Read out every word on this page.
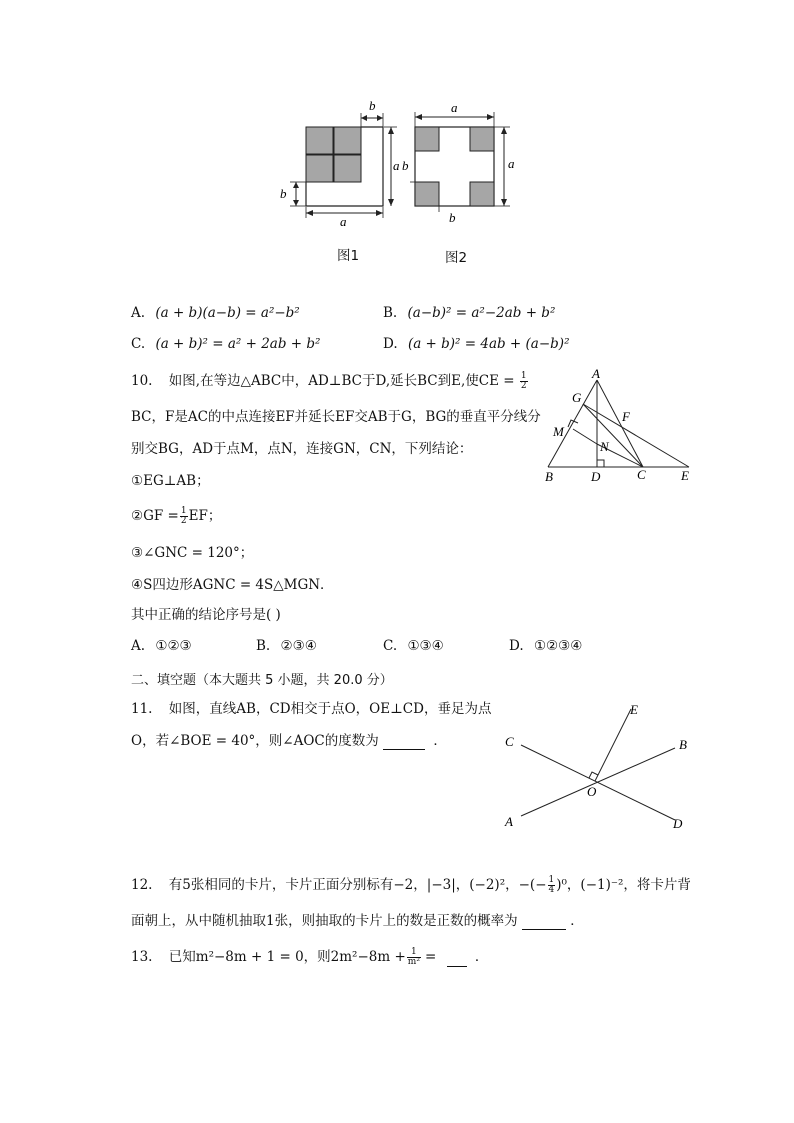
b
a
b
a
a
a
b
b
图1	图2
A. (a + b)(a−b) = a²−b²	B. (a−b)² = a²−2ab + b²
C. (a + b)² = a² + 2ab + b²	D. (a + b)² = 4ab + (a−b)²
10. 如图,在等边△ABC中，AD⊥BC于D,延长BC到E,使CE = $\frac{1}{2}$
BC，F是AC的中点连接EF并延长EF交AB于G，BG的垂直平分线分
别交BG，AD于点M，点N，连接GN，CN，下列结论：
①EG⊥AB；
②GF = $\frac{1}{2}$ EF；
③∠GNC = 120°；
④S四边形AGNC = 4S△MGN．
其中正确的结论序号是( )
A. ①②③	B. ②③④	C. ①③④	D. ①②③④
A
G
F
M
N
B	D	C	E
二、填空题（本大题共 5 小题，共 20.0 分）
11. 如图，直线AB，CD相交于点O，OE⊥CD，垂足为点
O，若∠BOE = 40°，则∠AOC的度数为	．
E
C	B
O
A	D
12. 有5张相同的卡片，卡片正面分别标有−2，|−3|，(−2)²，−(− $\frac{1}{4} )^0$，(−1)⁻²，将卡片背
面朝上，从中随机抽取1张，则抽取的卡片上的数是正数的概率为	．
13. 已知m²−8m + 1 = 0，则$2m^2-8m + \frac{1}{\text{m²}}$ =	．
